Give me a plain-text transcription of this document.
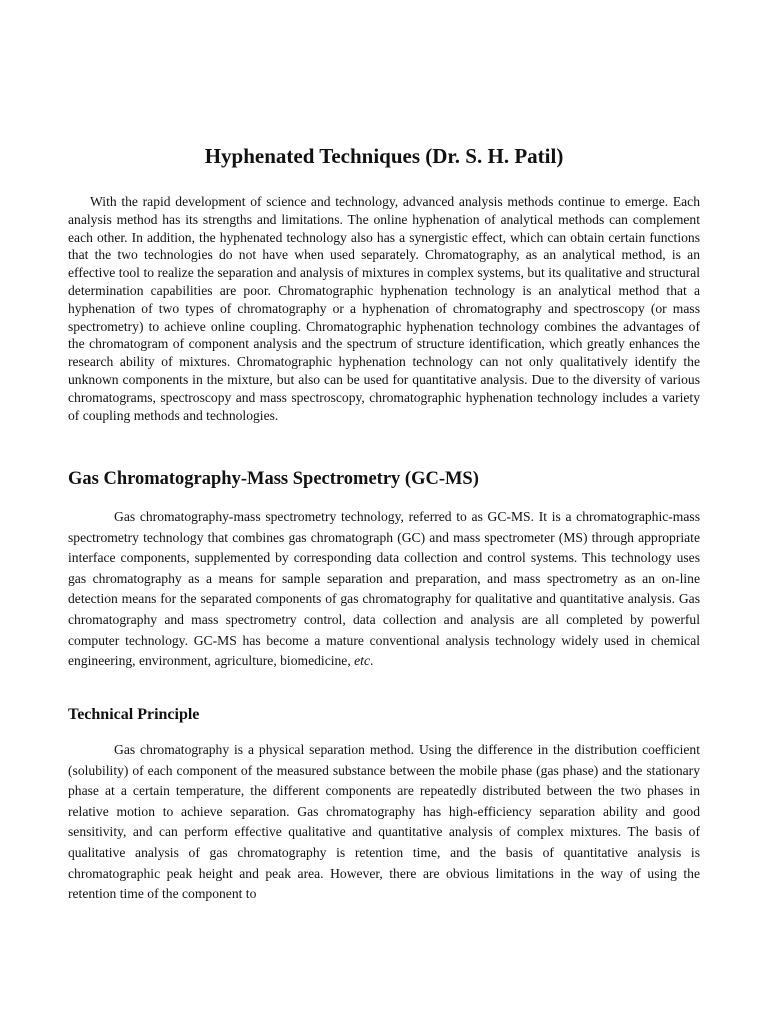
Hyphenated Techniques (Dr. S. H. Patil)

With the rapid development of science and technology, advanced analysis methods continue to emerge. Each analysis method has its strengths and limitations. The online hyphenation of analytical methods can complement each other. In addition, the hyphenated technology also has a synergistic effect, which can obtain certain functions that the two technologies do not have when used separately. Chromatography, as an analytical method, is an effective tool to realize the separation and analysis of mixtures in complex systems, but its qualitative and structural determination capabilities are poor. Chromatographic hyphenation technology is an analytical method that a hyphenation of two types of chromatography or a hyphenation of chromatography and spectroscopy (or mass spectrometry) to achieve online coupling. Chromatographic hyphenation technology combines the advantages of the chromatogram of component analysis and the spectrum of structure identification, which greatly enhances the research ability of mixtures. Chromatographic hyphenation technology can not only qualitatively identify the unknown components in the mixture, but also can be used for quantitative analysis. Due to the diversity of various chromatograms, spectroscopy and mass spectroscopy, chromatographic hyphenation technology includes a variety of coupling methods and technologies.

Gas Chromatography-Mass Spectrometry (GC-MS)

Gas chromatography-mass spectrometry technology, referred to as GC-MS. It is a chromatographic-mass spectrometry technology that combines gas chromatograph (GC) and mass spectrometer (MS) through appropriate interface components, supplemented by corresponding data collection and control systems. This technology uses gas chromatography as a means for sample separation and preparation, and mass spectrometry as an on-line detection means for the separated components of gas chromatography for qualitative and quantitative analysis. Gas chromatography and mass spectrometry control, data collection and analysis are all completed by powerful computer technology. GC-MS has become a mature conventional analysis technology widely used in chemical engineering, environment, agriculture, biomedicine, etc.

Technical Principle

Gas chromatography is a physical separation method. Using the difference in the distribution coefficient (solubility) of each component of the measured substance between the mobile phase (gas phase) and the stationary phase at a certain temperature, the different components are repeatedly distributed between the two phases in relative motion to achieve separation. Gas chromatography has high-efficiency separation ability and good sensitivity, and can perform effective qualitative and quantitative analysis of complex mixtures. The basis of qualitative analysis of gas chromatography is retention time, and the basis of quantitative analysis is chromatographic peak height and peak area. However, there are obvious limitations in the way of using the retention time of the component to
